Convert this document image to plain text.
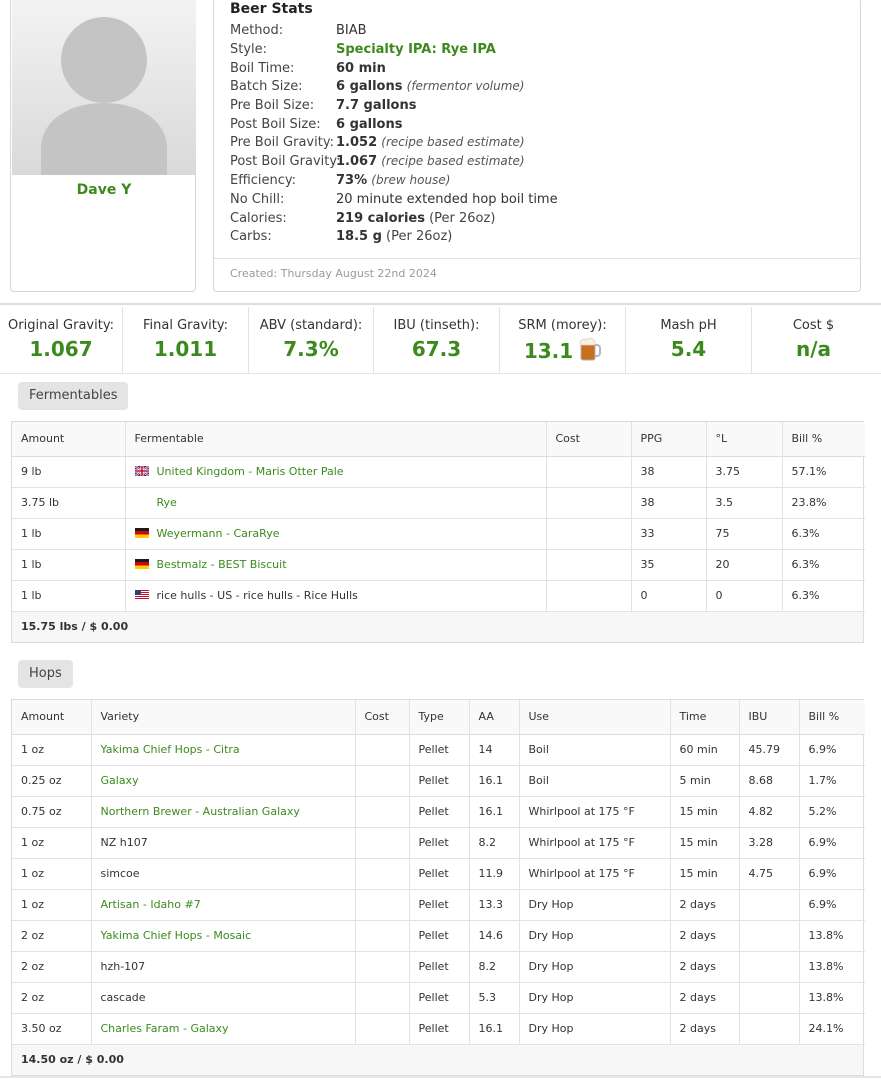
Dave Y
Beer Stats
Method:	BIAB
Style:	Specialty IPA: Rye IPA
Boil Time:	60 min
Batch Size:	6 gallons (fermentor volume)
Pre Boil Size: 7.7 gallons
Post Boil Size: 6 gallons
Pre Boil Gravity: 1.052 (recipe based estimate)
Post Boil Gravity:
1.067 (recipe based estimate)
Efficiency:	73% (brew house)
No Chill:	20 minute extended hop boil time
Calories:	219 calories (Per 26oz)
Carbs:	18.5 g (Per 26oz)
Created: Thursday August 22nd 2024
Original Gravity:
1.067
Final Gravity:
1.011
ABV (standard):
7.3%
IBU (tinseth):
67.3
SRM (morey):
13.1
Mash pH
5.4
Cost $
n/a
Fermentables
Amount	Fermentable	Cost	PPG	°L	Bill %
9 lb	United Kingdom - Maris Otter Pale		38	3.75	57.1%
3.75 lb	Rye		38	3.5	23.8%
1 lb	Weyermann - CaraRye		33	75	6.3%
1 lb	Bestmalz - BEST Biscuit		35	20	6.3%
1 lb	rice hulls - US - rice hulls - Rice Hulls		0	0	6.3%
15.75 lbs / $ 0.00
Hops
Amount	Variety	Cost	Type	AA	Use	Time	IBU	Bill %
1 oz	Yakima Chief Hops - Citra		Pellet	14	Boil	60 min	45.79	6.9%
0.25 oz	Galaxy		Pellet	16.1	Boil	5 min	8.68	1.7%
0.75 oz	Northern Brewer - Australian Galaxy		Pellet	16.1	Whirlpool at 175 °F	15 min	4.82	5.2%
1 oz	NZ h107		Pellet	8.2	Whirlpool at 175 °F	15 min	3.28	6.9%
1 oz	simcoe		Pellet	11.9	Whirlpool at 175 °F	15 min	4.75	6.9%
1 oz	Artisan - Idaho #7		Pellet	13.3	Dry Hop	2 days		6.9%
2 oz	Yakima Chief Hops - Mosaic		Pellet	14.6	Dry Hop	2 days		13.8%
2 oz	hzh-107		Pellet	8.2	Dry Hop	2 days		13.8%
2 oz	cascade		Pellet	5.3	Dry Hop	2 days		13.8%
3.50 oz	Charles Faram - Galaxy		Pellet	16.1	Dry Hop	2 days		24.1%
14.50 oz / $ 0.00
